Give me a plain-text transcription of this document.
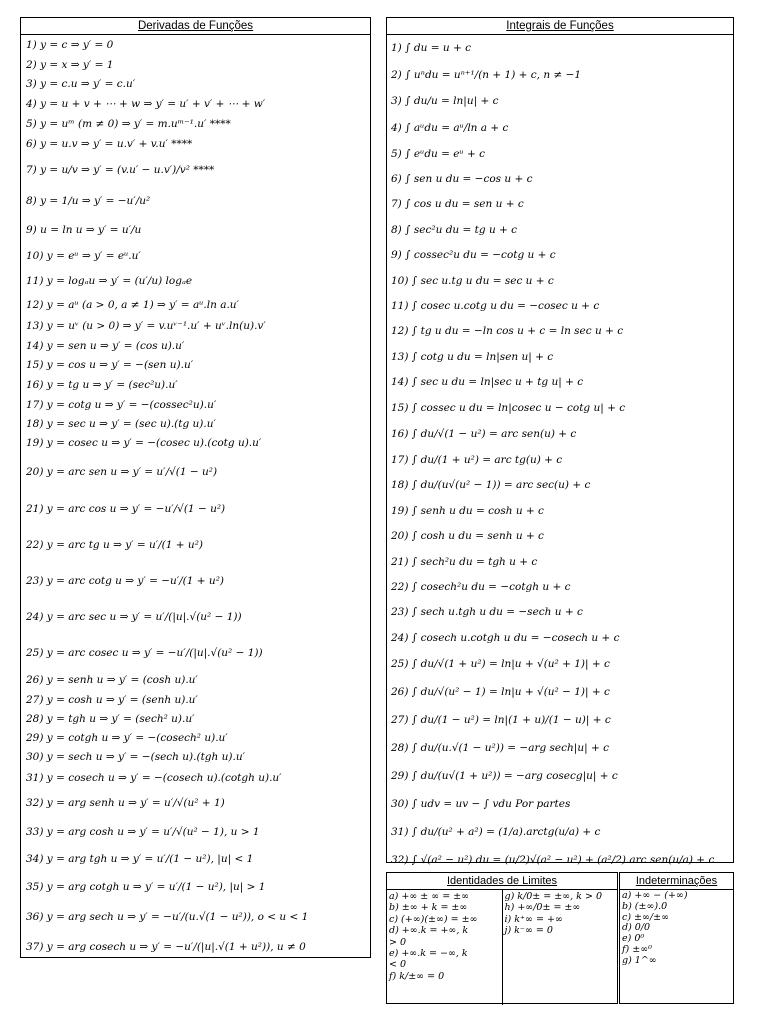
Derivadas de Funções
1) y = c ⇒ y′ = 0
2) y = x ⇒ y′ = 1
3) y = c.u ⇒ y′ = c.u′
4) y = u + v + ⋯ + w ⇒ y′ = u′ + v′ + ⋯ + w′
5) y = uᵐ (m ≠ 0) ⇒ y′ = m.uᵐ⁻¹.u′ ****
6) y = u.v ⇒ y′ = u.v′ + v.u′ ****
7) y = u/v ⇒ y′ = (v.u′ − u.v′)/v² ****
8) y = 1/u ⇒ y′ = −u′/u²
9) u = ln u ⇒ y′ = u′/u
10) y = eᵘ ⇒ y′ = eᵘ.u′
11) y = logₐu ⇒ y′ = (u′/u) logₐe
12) y = aᵘ (a > 0, a ≠ 1) ⇒ y′ = aᵘ.ln a.u′
13) y = uᵛ (u > 0) ⇒ y′ = v.uᵛ⁻¹.u′ + uᵛ.ln(u).v′
14) y = sen u ⇒ y′ = (cos u).u′
15) y = cos u ⇒ y′ = −(sen u).u′
16) y = tg u ⇒ y′ = (sec²u).u′
17) y = cotg u ⇒ y′ = −(cossec²u).u′
18) y = sec u ⇒ y′ = (sec u).(tg u).u′
19) y = cosec u ⇒ y′ = −(cosec u).(cotg u).u′
20) y = arc sen u ⇒ y′ = u′/√(1 − u²)
21) y = arc cos u ⇒ y′ = −u′/√(1 − u²)
22) y = arc tg u ⇒ y′ = u′/(1 + u²)
23) y = arc cotg u ⇒ y′ = −u′/(1 + u²)
24) y = arc sec u ⇒ y′ = u′/(|u|.√(u² − 1))
25) y = arc cosec u ⇒ y′ = −u′/(|u|.√(u² − 1))
26) y = senh u ⇒ y′ = (cosh u).u′
27) y = cosh u ⇒ y′ = (senh u).u′
28) y = tgh u ⇒ y′ = (sech² u).u′
29) y = cotgh u ⇒ y′ = −(cosech² u).u′
30) y = sech u ⇒ y′ = −(sech u).(tgh u).u′
31) y = cosech u ⇒ y′ = −(cosech u).(cotgh u).u′
32) y = arg senh u ⇒ y′ = u′/√(u² + 1)
33) y = arg cosh u ⇒ y′ = u′/√(u² − 1), u > 1
34) y = arg tgh u ⇒ y′ = u′/(1 − u²), |u| < 1
35) y = arg cotgh u ⇒ y′ = u′/(1 − u²), |u| > 1
36) y = arg sech u ⇒ y′ = −u′/(u.√(1 − u²)), o < u < 1
37) y = arg cosech u ⇒ y′ = −u′/(|u|.√(1 + u²)), u ≠ 0
Integrais de Funções
1) ∫ du = u + c
2) ∫ uⁿdu = uⁿ⁺¹/(n + 1) + c, n ≠ −1
3) ∫ du/u = ln|u| + c
4) ∫ aᵘdu = aᵘ/ln a + c
5) ∫ eᵘdu = eᵘ + c
6) ∫ sen u du = −cos u + c
7) ∫ cos u du = sen u + c
8) ∫ sec²u du = tg u + c
9) ∫ cossec²u du = −cotg u + c
10) ∫ sec u.tg u du = sec u + c
11) ∫ cosec u.cotg u du = −cosec u + c
12) ∫ tg u du = −ln cos u + c = ln sec u + c
13) ∫ cotg u du = ln|sen u| + c
14) ∫ sec u du = ln|sec u + tg u| + c
15) ∫ cossec u du = ln|cosec u − cotg u| + c
16) ∫ du/√(1 − u²) = arc sen(u) + c
17) ∫ du/(1 + u²) = arc tg(u) + c
18) ∫ du/(u√(u² − 1)) = arc sec(u) + c
19) ∫ senh u du = cosh u + c
20) ∫ cosh u du = senh u + c
21) ∫ sech²u du = tgh u + c
22) ∫ cosech²u du = −cotgh u + c
23) ∫ sech u.tgh u du = −sech u + c
24) ∫ cosech u.cotgh u du = −cosech u + c
25) ∫ du/√(1 + u²) = ln|u + √(u² + 1)| + c
26) ∫ du/√(u² − 1) = ln|u + √(u² − 1)| + c
27) ∫ du/(1 − u²) = ln|(1 + u)/(1 − u)| + c
28) ∫ du/(u.√(1 − u²)) = −arg sech|u| + c
29) ∫ du/(u√(1 + u²)) = −arg cosecg|u| + c
30) ∫ udv = uv − ∫ vdu Por partes
31) ∫ du/(u² + a²) = (1/a).arctg(u/a) + c
32) ∫ √(a² − u²) du = (u/2)√(a² − u²) + (a²/2).arc sen(u/a) + c
Identidades de Limites
a) +∞ ± ∞ = ±∞
b) ±∞ + k = ±∞
c) (+∞)(±∞) = ±∞
d) +∞.k = +∞, k
> 0
e) +∞.k = −∞, k
< 0
f) k/±∞ = 0
g) k/0± = ±∞, k > 0
h) +∞/0± = ±∞
i) k⁺∞ = +∞
j) k⁻∞ = 0
Indeterminações
a) +∞ − (+∞)
b) (±∞).0
c) ±∞/±∞
d) 0/0
e) 0⁰
f) ±∞⁰
g) 1^∞
